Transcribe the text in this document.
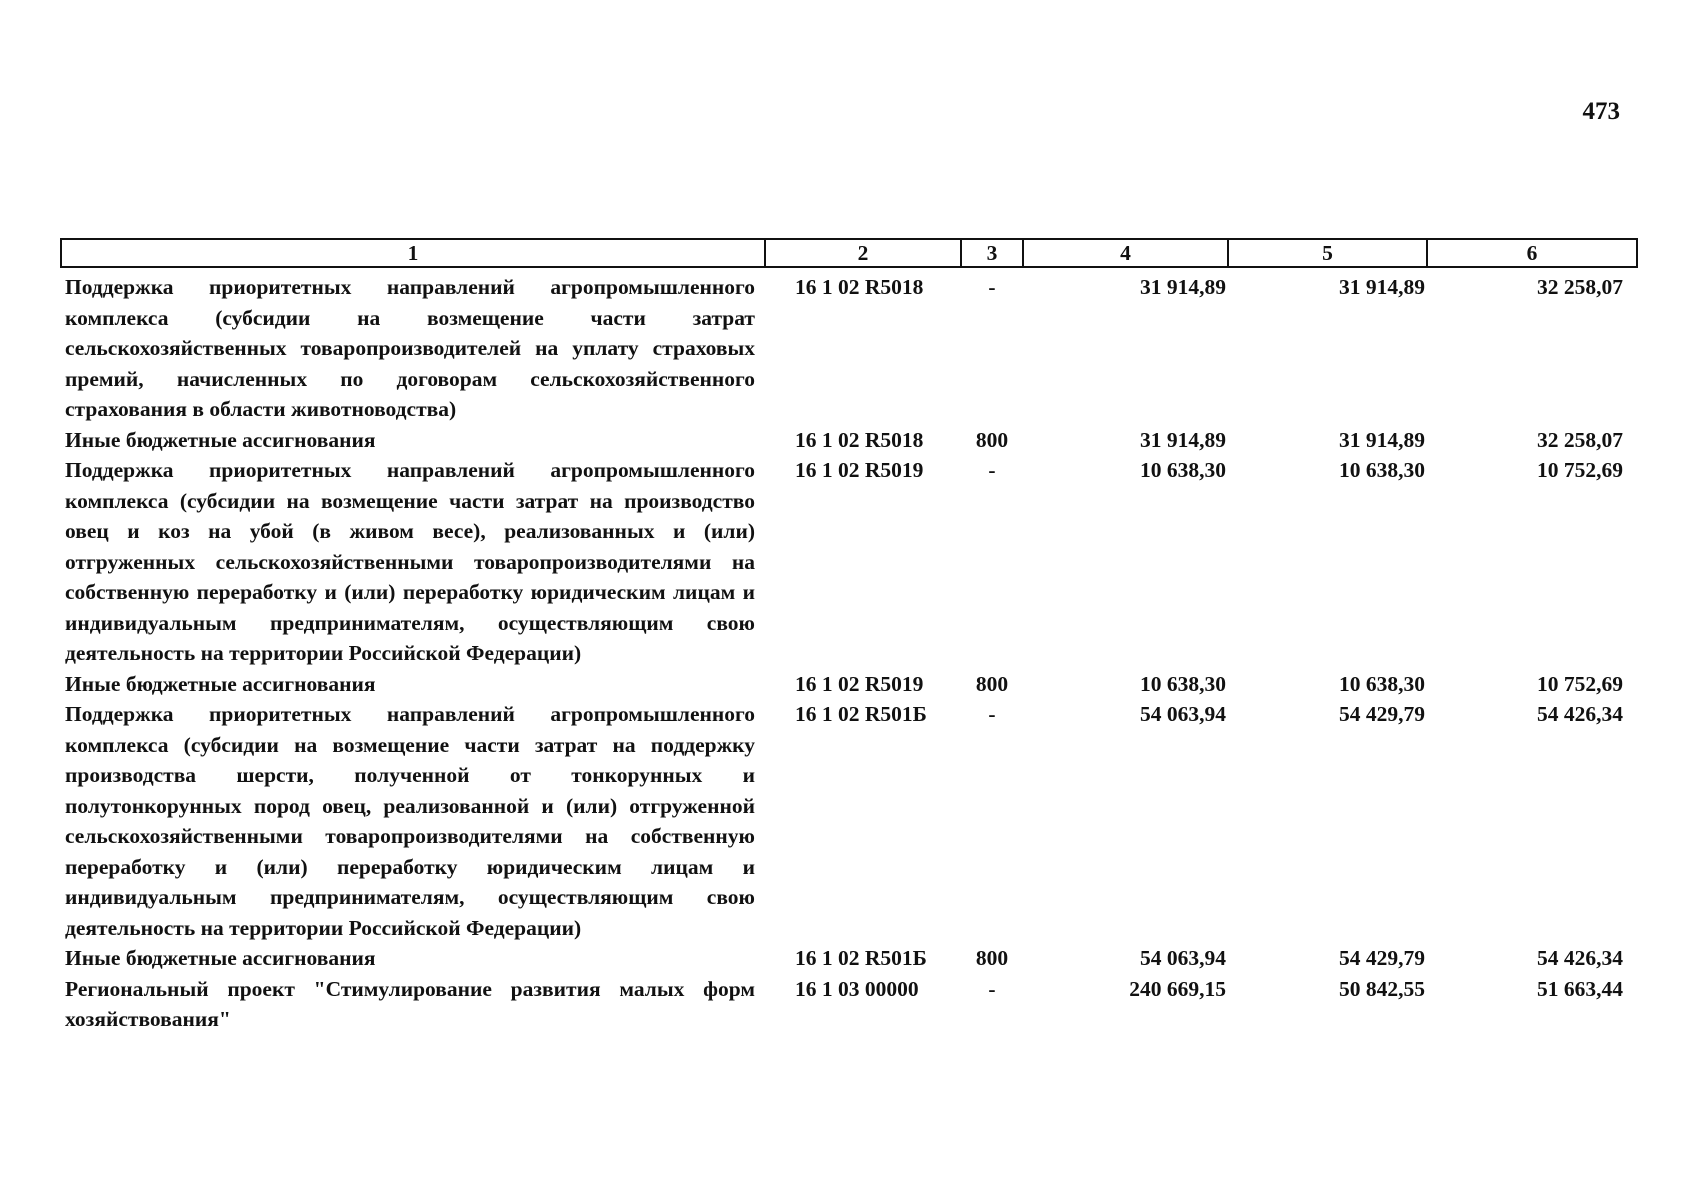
473
1	2	3	4	5	6
Поддержка приоритетных направлений агропромышленного комплекса (субсидии на возмещение части затрат сельскохозяйственных товаропроизводителей на уплату страховых премий, начисленных по договорам сельскохозяйственного страхования в области животноводства)	16 1 02 R5018	-	31 914,89	31 914,89	32 258,07
Иные бюджетные ассигнования	16 1 02 R5018	800	31 914,89	31 914,89	32 258,07
Поддержка приоритетных направлений агропромышленного комплекса (субсидии на возмещение части затрат на производство овец и коз на убой (в живом весе), реализованных и (или) отгруженных сельскохозяйственными товаропроизводителями на собственную переработку и (или) переработку юридическим лицам и индивидуальным предпринимателям, осуществляющим свою деятельность на территории Российской Федерации)	16 1 02 R5019	-	10 638,30	10 638,30	10 752,69
Иные бюджетные ассигнования	16 1 02 R5019	800	10 638,30	10 638,30	10 752,69
Поддержка приоритетных направлений агропромышленного комплекса (субсидии на возмещение части затрат на поддержку производства шерсти, полученной от тонкорунных и полутонкорунных пород овец, реализованной и (или) отгруженной сельскохозяйственными товаропроизводителями на собственную переработку и (или) переработку юридическим лицам и индивидуальным предпринимателям, осуществляющим свою деятельность на территории Российской Федерации)	16 1 02 R501Б	-	54 063,94	54 429,79	54 426,34
Иные бюджетные ассигнования	16 1 02 R501Б	800	54 063,94	54 429,79	54 426,34
Региональный проект "Стимулирование развития малых форм хозяйствования"	16 1 03 00000	-	240 669,15	50 842,55	51 663,44
